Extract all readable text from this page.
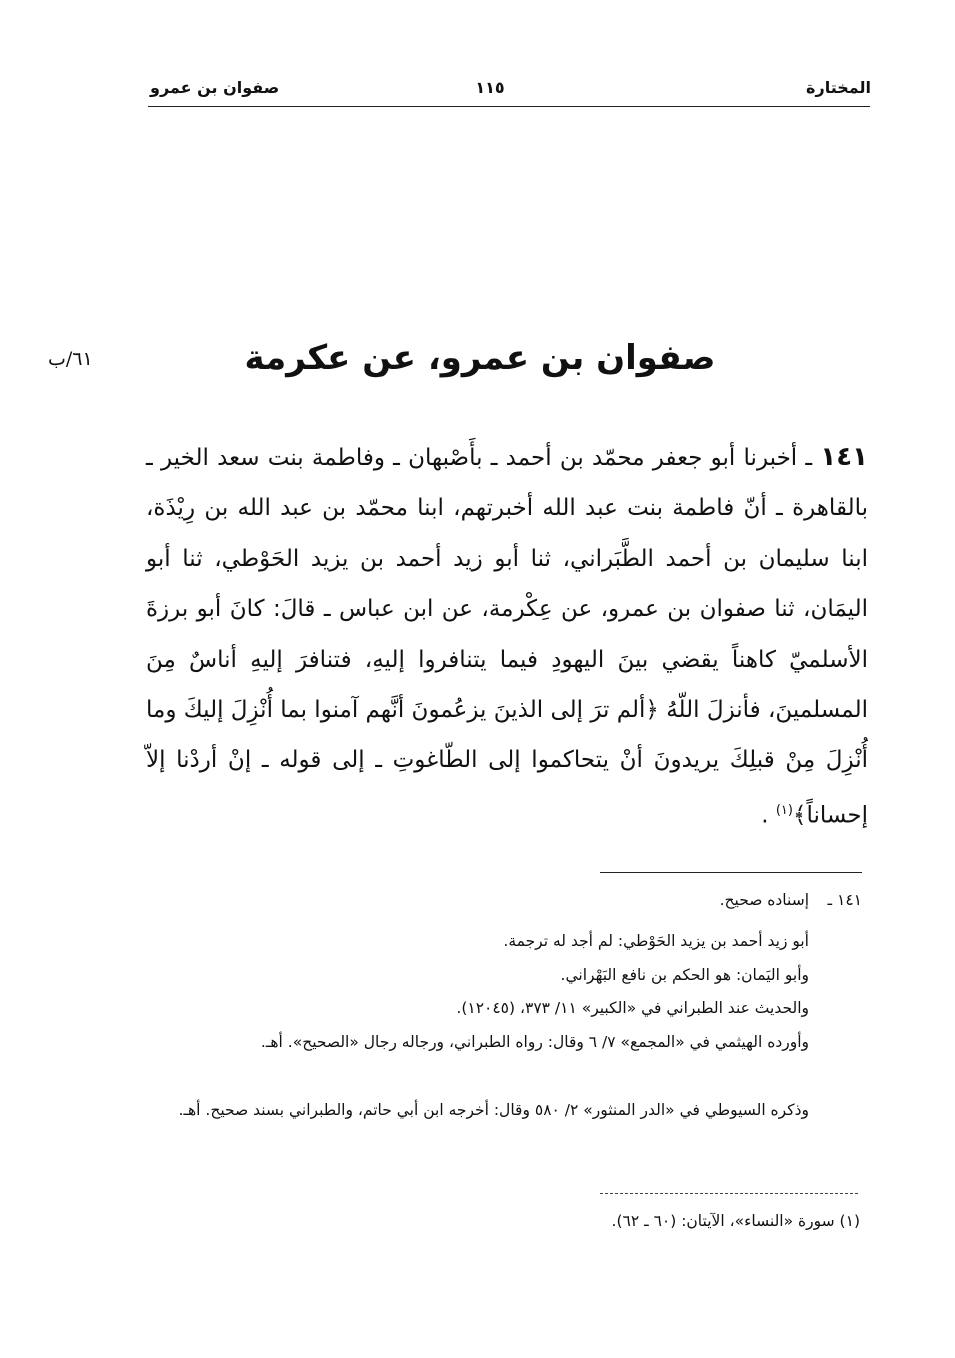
المختارة
١١٥
صفوان بن عمرو
صفوان بن عمرو، عن عكرمة
٦١/ب
١٤١ ـ أخبرنا أبو جعفر محمّد بن أحمد ـ بأَصْبهان ـ وفاطمة بنت سعد الخير ـ بالقاهرة ـ أنّ فاطمة بنت عبد الله أخبرتهم، ابنا محمّد بن عبد الله بن رِيْذَة، ابنا سليمان بن أحمد الطَّبَراني، ثنا أبو زيد أحمد بن يزيد الحَوْطي، ثنا أبو اليمَان، ثنا صفوان بن عمرو، عن عِكْرمة، عن ابن عباس ـ قالَ: كانَ أبو برزةَ الأسلميّ كاهناً يقضي بينَ اليهودِ فيما يتنافروا إليهِ، فتنافرَ إليهِ أناسٌ مِنَ المسلمينَ، فأنزلَ اللّهُ ﴿ألم ترَ إلى الذينَ يزعُمونَ أنَّهم آمنوا بما أُنْزِلَ إليكَ وما أُنْزِلَ مِنْ قبلِكَ يريدونَ أنْ يتحاكموا إلى الطّاغوتِ ـ إلى قوله ـ إنْ أردْنا إلاّ إحساناً﴾$^{(١)}$ .
١٤١ ـ
إسناده صحيح.
أبو زيد أحمد بن يزيد الحَوْطي: لم أجد له ترجمة.
وأبو اليَمان: هو الحكم بن نافع البَهْراني.
والحديث عند الطبراني في «الكبير» ١١/ ٣٧٣، (١٢٠٤٥).
وأورده الهيثمي في «المجمع» ٧/ ٦ وقال: رواه الطبراني، ورجاله رجال «الصحيح». أهـ.
وذكره السيوطي في «الدر المنثور» ٢/ ٥٨٠ وقال: أخرجه ابن أبي حاتم، والطبراني بسند صحيح. أهـ.
(١) سورة «النساء»، الآيتان: (٦٠ ـ ٦٢).
